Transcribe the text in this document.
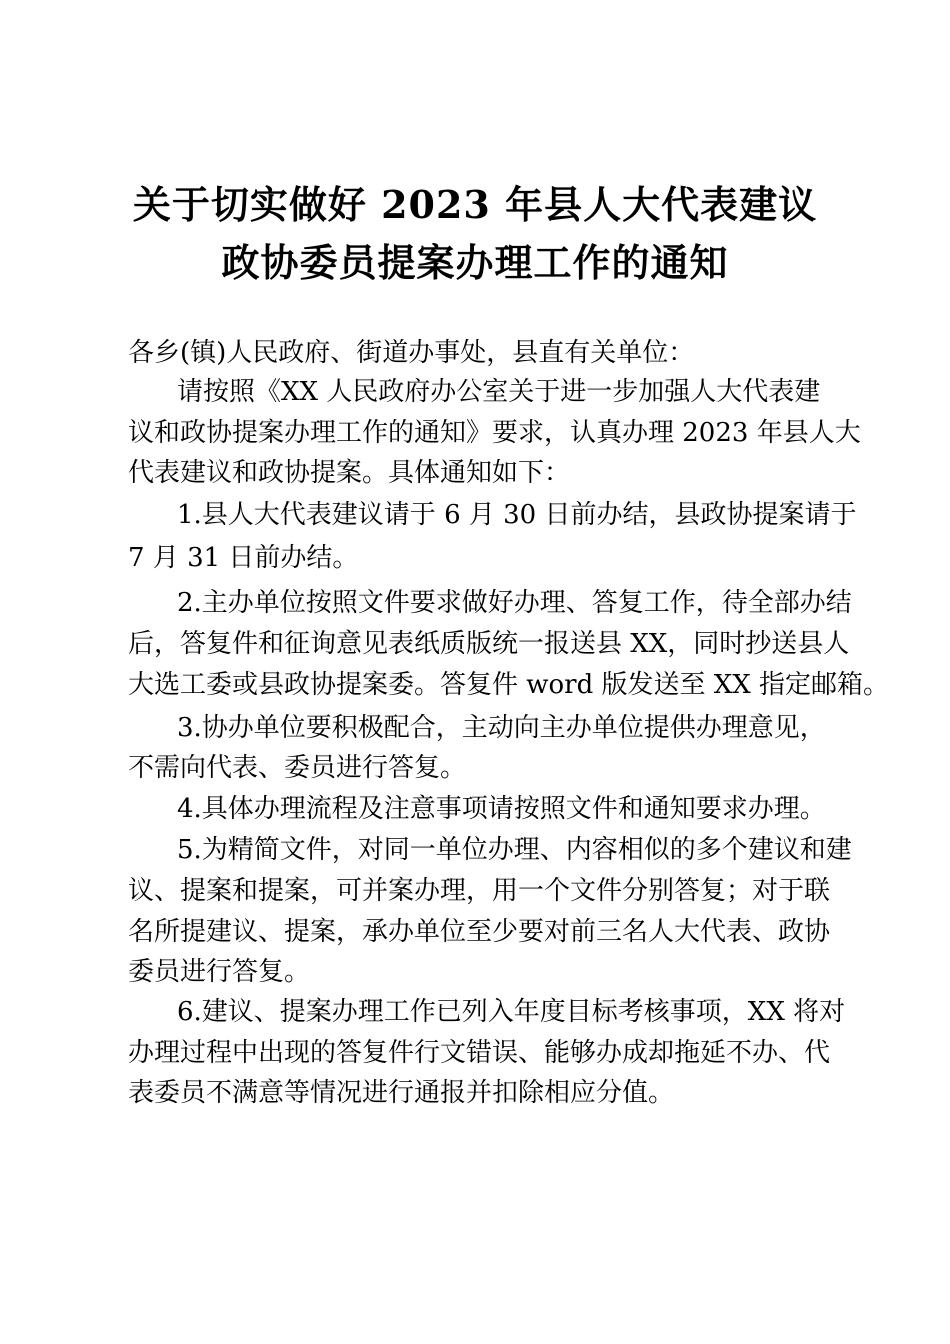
关于切实做好 2023 年县人大代表建议
政协委员提案办理工作的通知
各乡(镇)人民政府、街道办事处，县直有关单位：
请按照《XX 人民政府办公室关于进一步加强人大代表建
议和政协提案办理工作的通知》要求，认真办理 2023 年县人大
代表建议和政协提案。具体通知如下：
1.县人大代表建议请于 6 月 30 日前办结，县政协提案请于
7 月 31 日前办结。
2.主办单位按照文件要求做好办理、答复工作，待全部办结
后，答复件和征询意见表纸质版统一报送县 XX，同时抄送县人
大选工委或县政协提案委。答复件 word 版发送至 XX 指定邮箱。
3.协办单位要积极配合，主动向主办单位提供办理意见，
不需向代表、委员进行答复。
4.具体办理流程及注意事项请按照文件和通知要求办理。
5.为精简文件，对同一单位办理、内容相似的多个建议和建
议、提案和提案，可并案办理，用一个文件分别答复；对于联
名所提建议、提案，承办单位至少要对前三名人大代表、政协
委员进行答复。
6.建议、提案办理工作已列入年度目标考核事项，XX 将对
办理过程中出现的答复件行文错误、能够办成却拖延不办、代
表委员不满意等情况进行通报并扣除相应分值。
